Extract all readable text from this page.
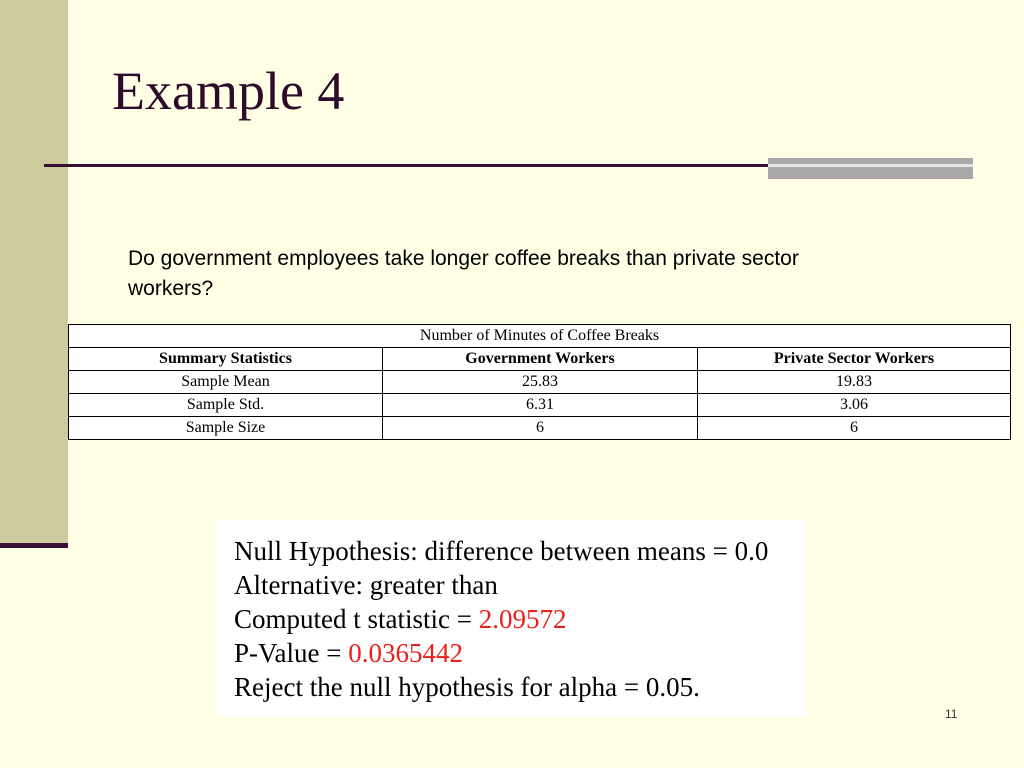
Example 4
Do government employees take longer coffee breaks than private sector workers?
Number of Minutes of Coffee Breaks		
Summary Statistics	Government Workers	Private Sector Workers
Sample Mean	25.83	19.83
Sample Std.	6.31	3.06
Sample Size	6	6
Null Hypothesis: difference between means = 0.0
Alternative: greater than
Computed t statistic = 2.09572
P-Value = 0.0365442
Reject the null hypothesis for alpha = 0.05.
11
